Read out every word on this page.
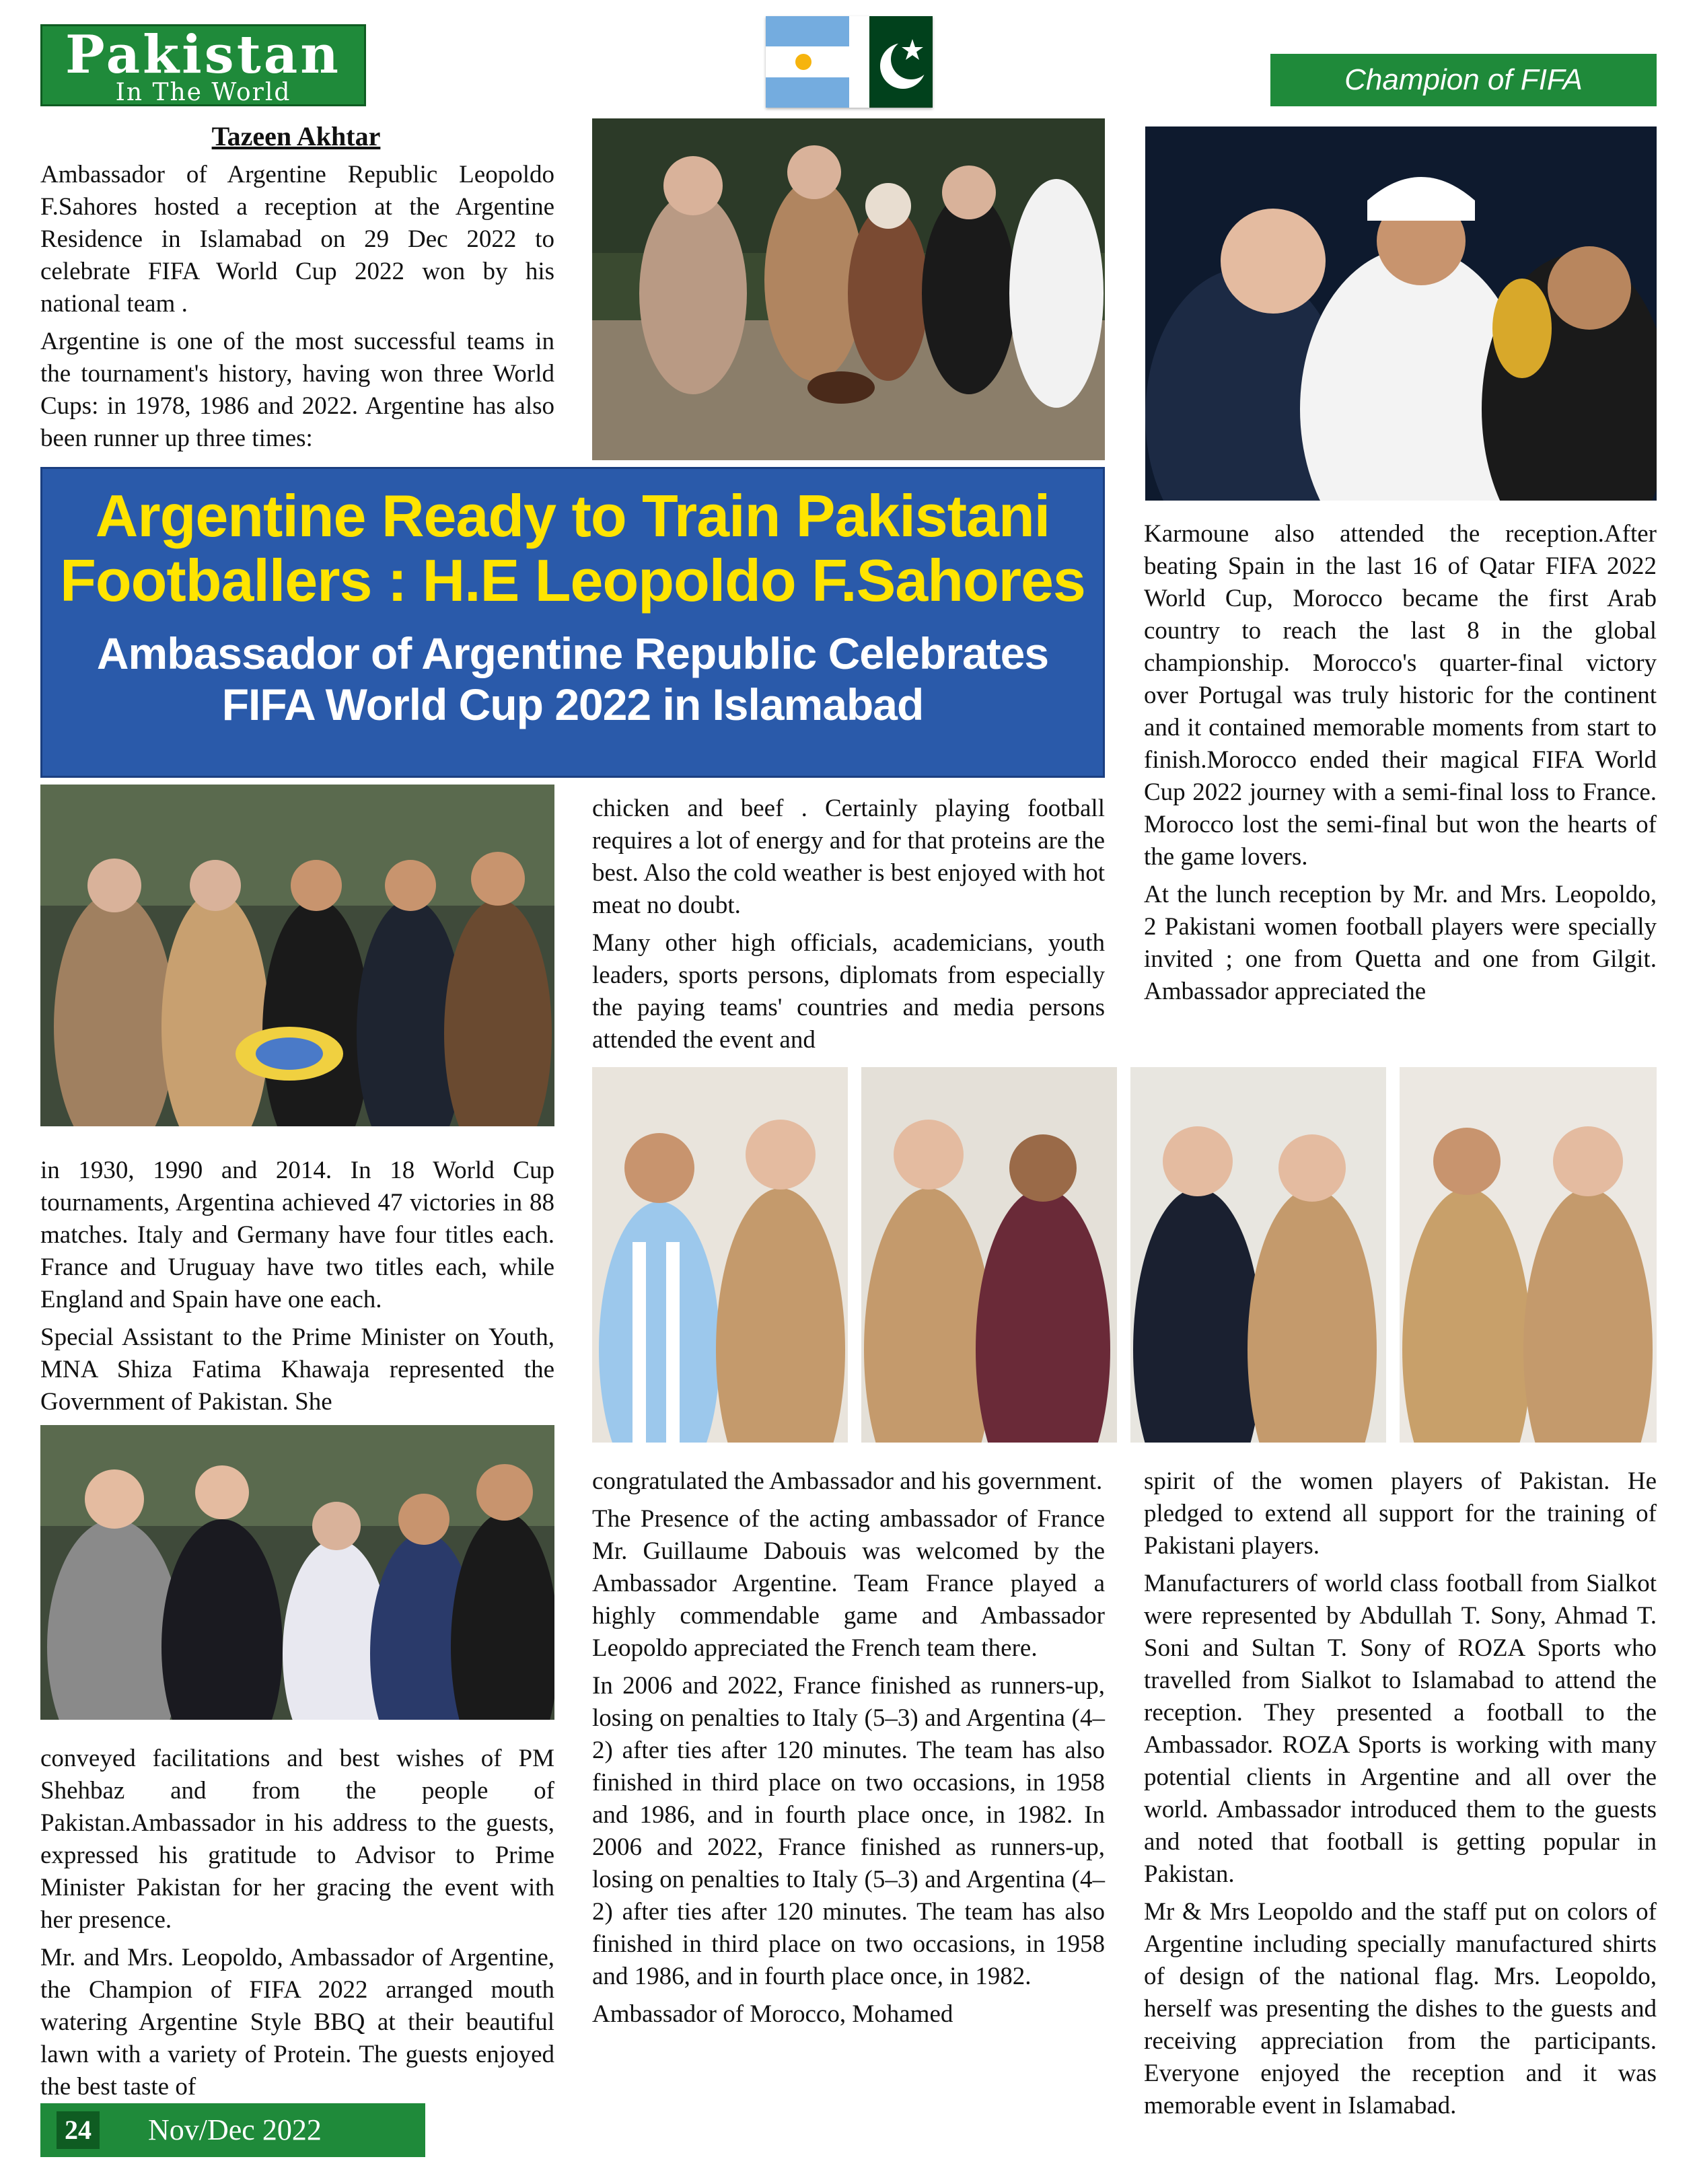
Pakistan
In The World	Champion of FIFA
Tazeen Akhtar

Ambassador of Argentine Republic Leopoldo F.Sahores hosted a reception at the Argentine Residence in Islamabad on 29 Dec 2022 to celebrate FIFA World Cup 2022 won by his national team .

Argentine is one of the most successful teams in the tournament's history, having won three World Cups: in 1978, 1986 and 2022. Argentine has also been runner up three times:

Argentine Ready to Train Pakistani
Footballers : H.E Leopoldo F.Sahores
Ambassador of Argentine Republic Celebrates
FIFA World Cup 2022 in Islamabad

chicken and beef . Certainly playing football requires a lot of energy and for that proteins are the best. Also the cold weather is best enjoyed with hot meat no doubt.

Many other high officials, academicians, youth leaders, sports persons, diplomats from especially the paying teams' countries and media persons attended the event and

Karmoune also attended the reception.After beating Spain in the last 16 of Qatar FIFA 2022 World Cup, Morocco became the first Arab country to reach the last 8 in the global championship. Morocco's quarter-final victory over Portugal was truly historic for the continent and it contained memorable moments from start to finish.Morocco ended their magical FIFA World Cup 2022 journey with a semi-final loss to France. Morocco lost the semi-final but won the hearts of the game lovers.

At the lunch reception by Mr. and Mrs. Leopoldo, 2 Pakistani women football players were specially invited ; one from Quetta and one from Gilgit. Ambassador appreciated the

in 1930, 1990 and 2014. In 18 World Cup tournaments, Argentina achieved 47 victories in 88 matches. Italy and Germany have four titles each. France and Uruguay have two titles each, while England and Spain have one each.

Special Assistant to the Prime Minister on Youth, MNA Shiza Fatima Khawaja represented the Government of Pakistan. She

congratulated the Ambassador and his government.

The Presence of the acting ambassador of France Mr. Guillaume Dabouis was welcomed by the Ambassador Argentine. Team France played a highly commendable game and Ambassador Leopoldo appreciated the French team there.

In 2006 and 2022, France finished as runners-up, losing on penalties to Italy (5–3) and Argentina (4–2) after ties after 120 minutes. The team has also finished in third place on two occasions, in 1958 and 1986, and in fourth place once, in 1982. In 2006 and 2022, France finished as runners-up, losing on penalties to Italy (5–3) and Argentina (4–2) after ties after 120 minutes. The team has also finished in third place on two occasions, in 1958 and 1986, and in fourth place once, in 1982.

Ambassador of Morocco, Mohamed

spirit of the women players of Pakistan. He pledged to extend all support for the training of Pakistani players.

Manufacturers of world class football from Sialkot were represented by Abdullah T. Sony, Ahmad T. Soni and Sultan T. Sony of ROZA Sports who travelled from Sialkot to Islamabad to attend the reception. They presented a football to the Ambassador. ROZA Sports is working with many potential clients in Argentine and all over the world. Ambassador introduced them to the guests and noted that football is getting popular in Pakistan.

Mr & Mrs Leopoldo and the staff put on colors of Argentine including specially manufactured shirts of design of the national flag. Mrs. Leopoldo, herself was presenting the dishes to the guests and receiving appreciation from the participants. Everyone enjoyed the reception and it was memorable event in Islamabad.

conveyed facilitations and best wishes of PM Shehbaz and from the people of Pakistan.Ambassador in his address to the guests, expressed his gratitude to Advisor to Prime Minister Pakistan for her gracing the event with her presence.

Mr. and Mrs. Leopoldo, Ambassador of Argentine, the Champion of FIFA 2022 arranged mouth watering Argentine Style BBQ at their beautiful lawn with a variety of Protein. The guests enjoyed the best taste of

24 Nov/Dec 2022
